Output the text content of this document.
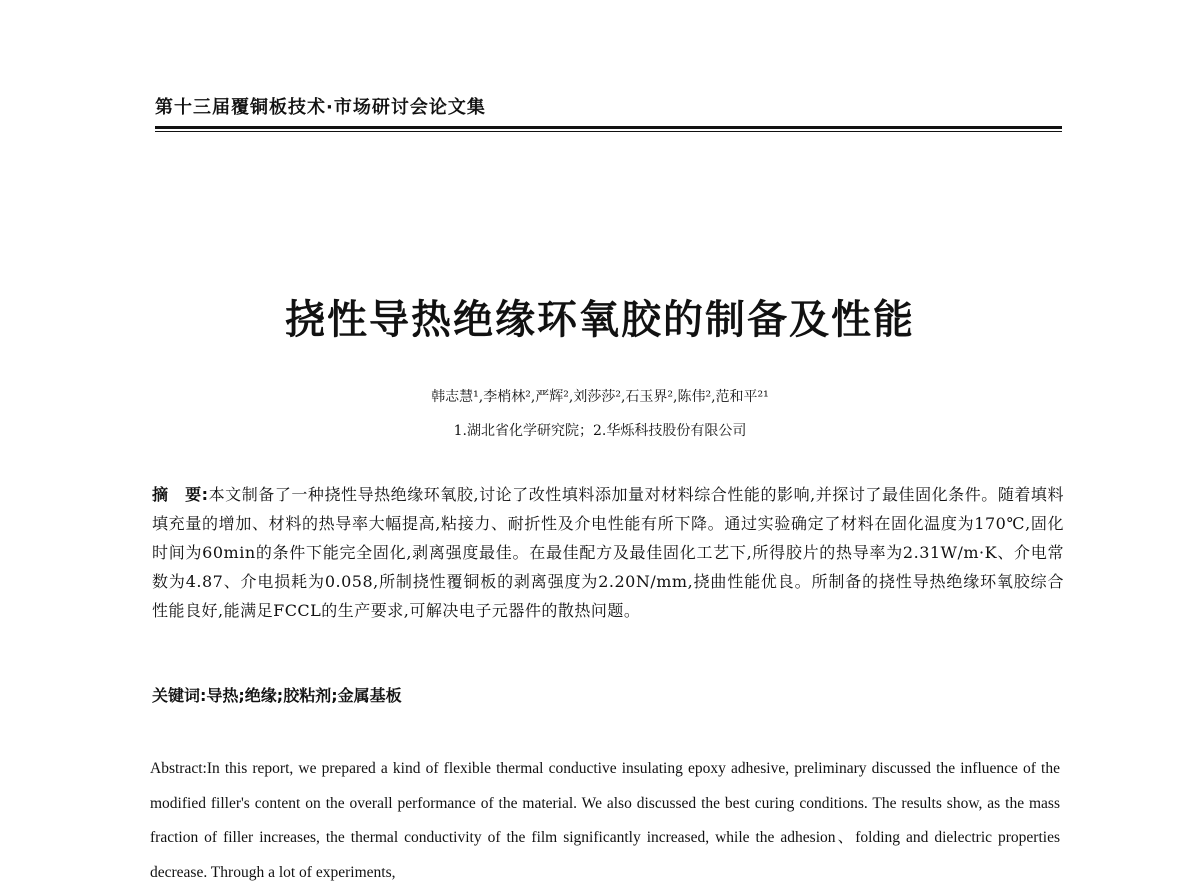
第十三届覆铜板技术·市场研讨会论文集
挠性导热绝缘环氧胶的制备及性能
韩志慧¹,李梢林²,严辉²,刘莎莎²,石玉界²,陈伟²,范和平²¹
1.湖北省化学研究院；2.华烁科技股份有限公司
摘　要:本文制备了一种挠性导热绝缘环氧胶,讨论了改性填料添加量对材料综合性能的影响,并探讨了最佳固化条件。随着填料填充量的增加、材料的热导率大幅提高,粘接力、耐折性及介电性能有所下降。通过实验确定了材料在固化温度为170℃,固化时间为60min的条件下能完全固化,剥离强度最佳。在最佳配方及最佳固化工艺下,所得胶片的热导率为2.31W/m·K、介电常数为4.87、介电损耗为0.058,所制挠性覆铜板的剥离强度为2.20N/mm,挠曲性能优良。所制备的挠性导热绝缘环氧胶综合性能良好,能满足FCCL的生产要求,可解决电子元器件的散热问题。
关键词:导热;绝缘;胶粘剂;金属基板
Abstract:In this report, we prepared a kind of flexible thermal conductive insulating epoxy adhesive, preliminary discussed the influence of the modified filler's content on the overall performance of the material. We also discussed the best curing conditions. The results show, as the mass fraction of filler increases, the thermal conductivity of the film significantly increased, while the adhesion、folding and dielectric properties decrease. Through a lot of experiments,
